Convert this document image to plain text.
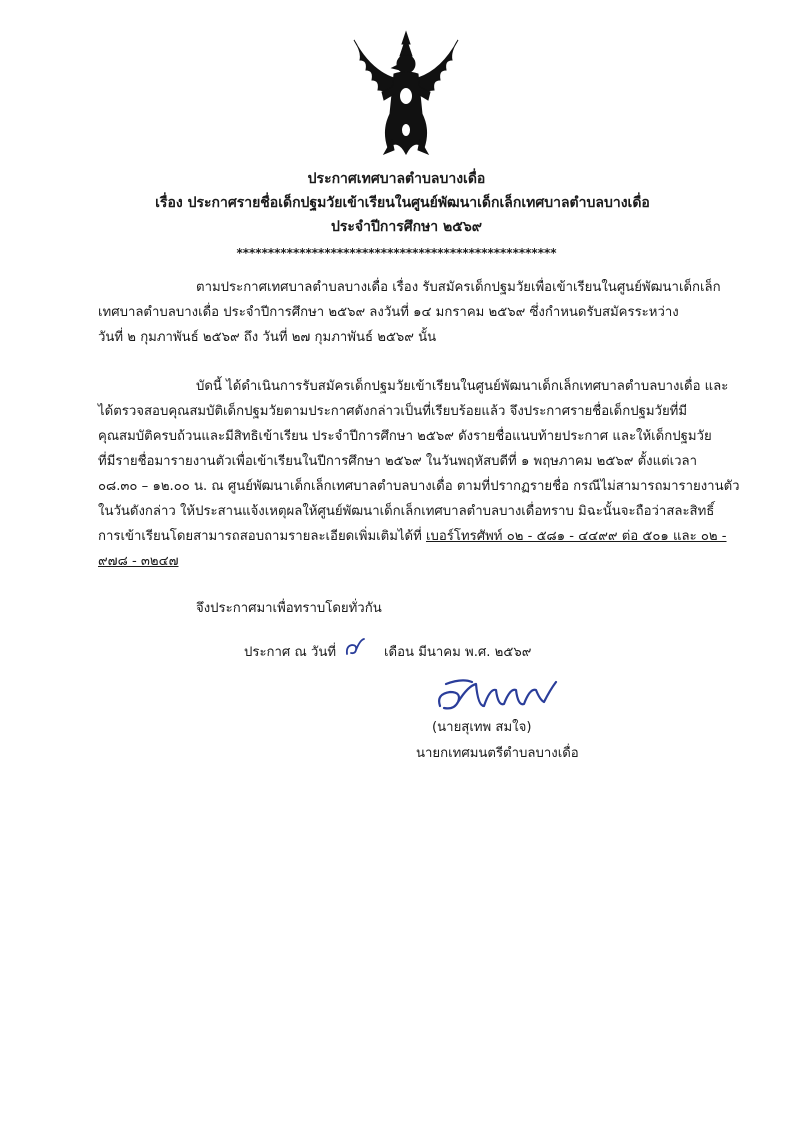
ประกาศเทศบาลตำบลบางเดื่อ
เรื่อง ประกาศรายชื่อเด็กปฐมวัยเข้าเรียนในศูนย์พัฒนาเด็กเล็กเทศบาลตำบลบางเดื่อ
ประจำปีการศึกษา ๒๕๖๙
***************************************************
ตามประกาศเทศบาลตำบลบางเดื่อ เรื่อง รับสมัครเด็กปฐมวัยเพื่อเข้าเรียนในศูนย์พัฒนาเด็กเล็ก
เทศบาลตำบลบางเดื่อ ประจำปีการศึกษา ๒๕๖๙ ลงวันที่ ๑๔ มกราคม ๒๕๖๙ ซึ่งกำหนดรับสมัครระหว่าง
วันที่ ๒ กุมภาพันธ์ ๒๕๖๙ ถึง วันที่ ๒๗ กุมภาพันธ์ ๒๕๖๙ นั้น
บัดนี้ ได้ดำเนินการรับสมัครเด็กปฐมวัยเข้าเรียนในศูนย์พัฒนาเด็กเล็กเทศบาลตำบลบางเดื่อ และ
ได้ตรวจสอบคุณสมบัติเด็กปฐมวัยตามประกาศดังกล่าวเป็นที่เรียบร้อยแล้ว จึงประกาศรายชื่อเด็กปฐมวัยที่มี
คุณสมบัติครบถ้วนและมีสิทธิเข้าเรียน ประจำปีการศึกษา ๒๕๖๙ ดังรายชื่อแนบท้ายประกาศ และให้เด็กปฐมวัย
ที่มีรายชื่อมารายงานตัวเพื่อเข้าเรียนในปีการศึกษา ๒๕๖๙ ในวันพฤหัสบดีที่ ๑ พฤษภาคม ๒๕๖๙ ตั้งแต่เวลา
๐๘.๓๐ – ๑๒.๐๐ น. ณ ศูนย์พัฒนาเด็กเล็กเทศบาลตำบลบางเดื่อ ตามที่ปรากฏรายชื่อ กรณีไม่สามารถมารายงานตัว
ในวันดังกล่าว ให้ประสานแจ้งเหตุผลให้ศูนย์พัฒนาเด็กเล็กเทศบาลตำบลบางเดื่อทราบ มิฉะนั้นจะถือว่าสละสิทธิ์
การเข้าเรียนโดยสามารถสอบถามรายละเอียดเพิ่มเติมได้ที่ เบอร์โทรศัพท์ ๐๒ - ๕๘๑ - ๔๔๙๙ ต่อ ๕๐๑ และ ๐๒ -
๙๗๘ - ๓๒๔๗
จึงประกาศมาเพื่อทราบโดยทั่วกัน
ประกาศ ณ วันที่	เดือน มีนาคม พ.ศ. ๒๕๖๙
(นายสุเทพ สมใจ)
นายกเทศมนตรีตำบลบางเดื่อ
